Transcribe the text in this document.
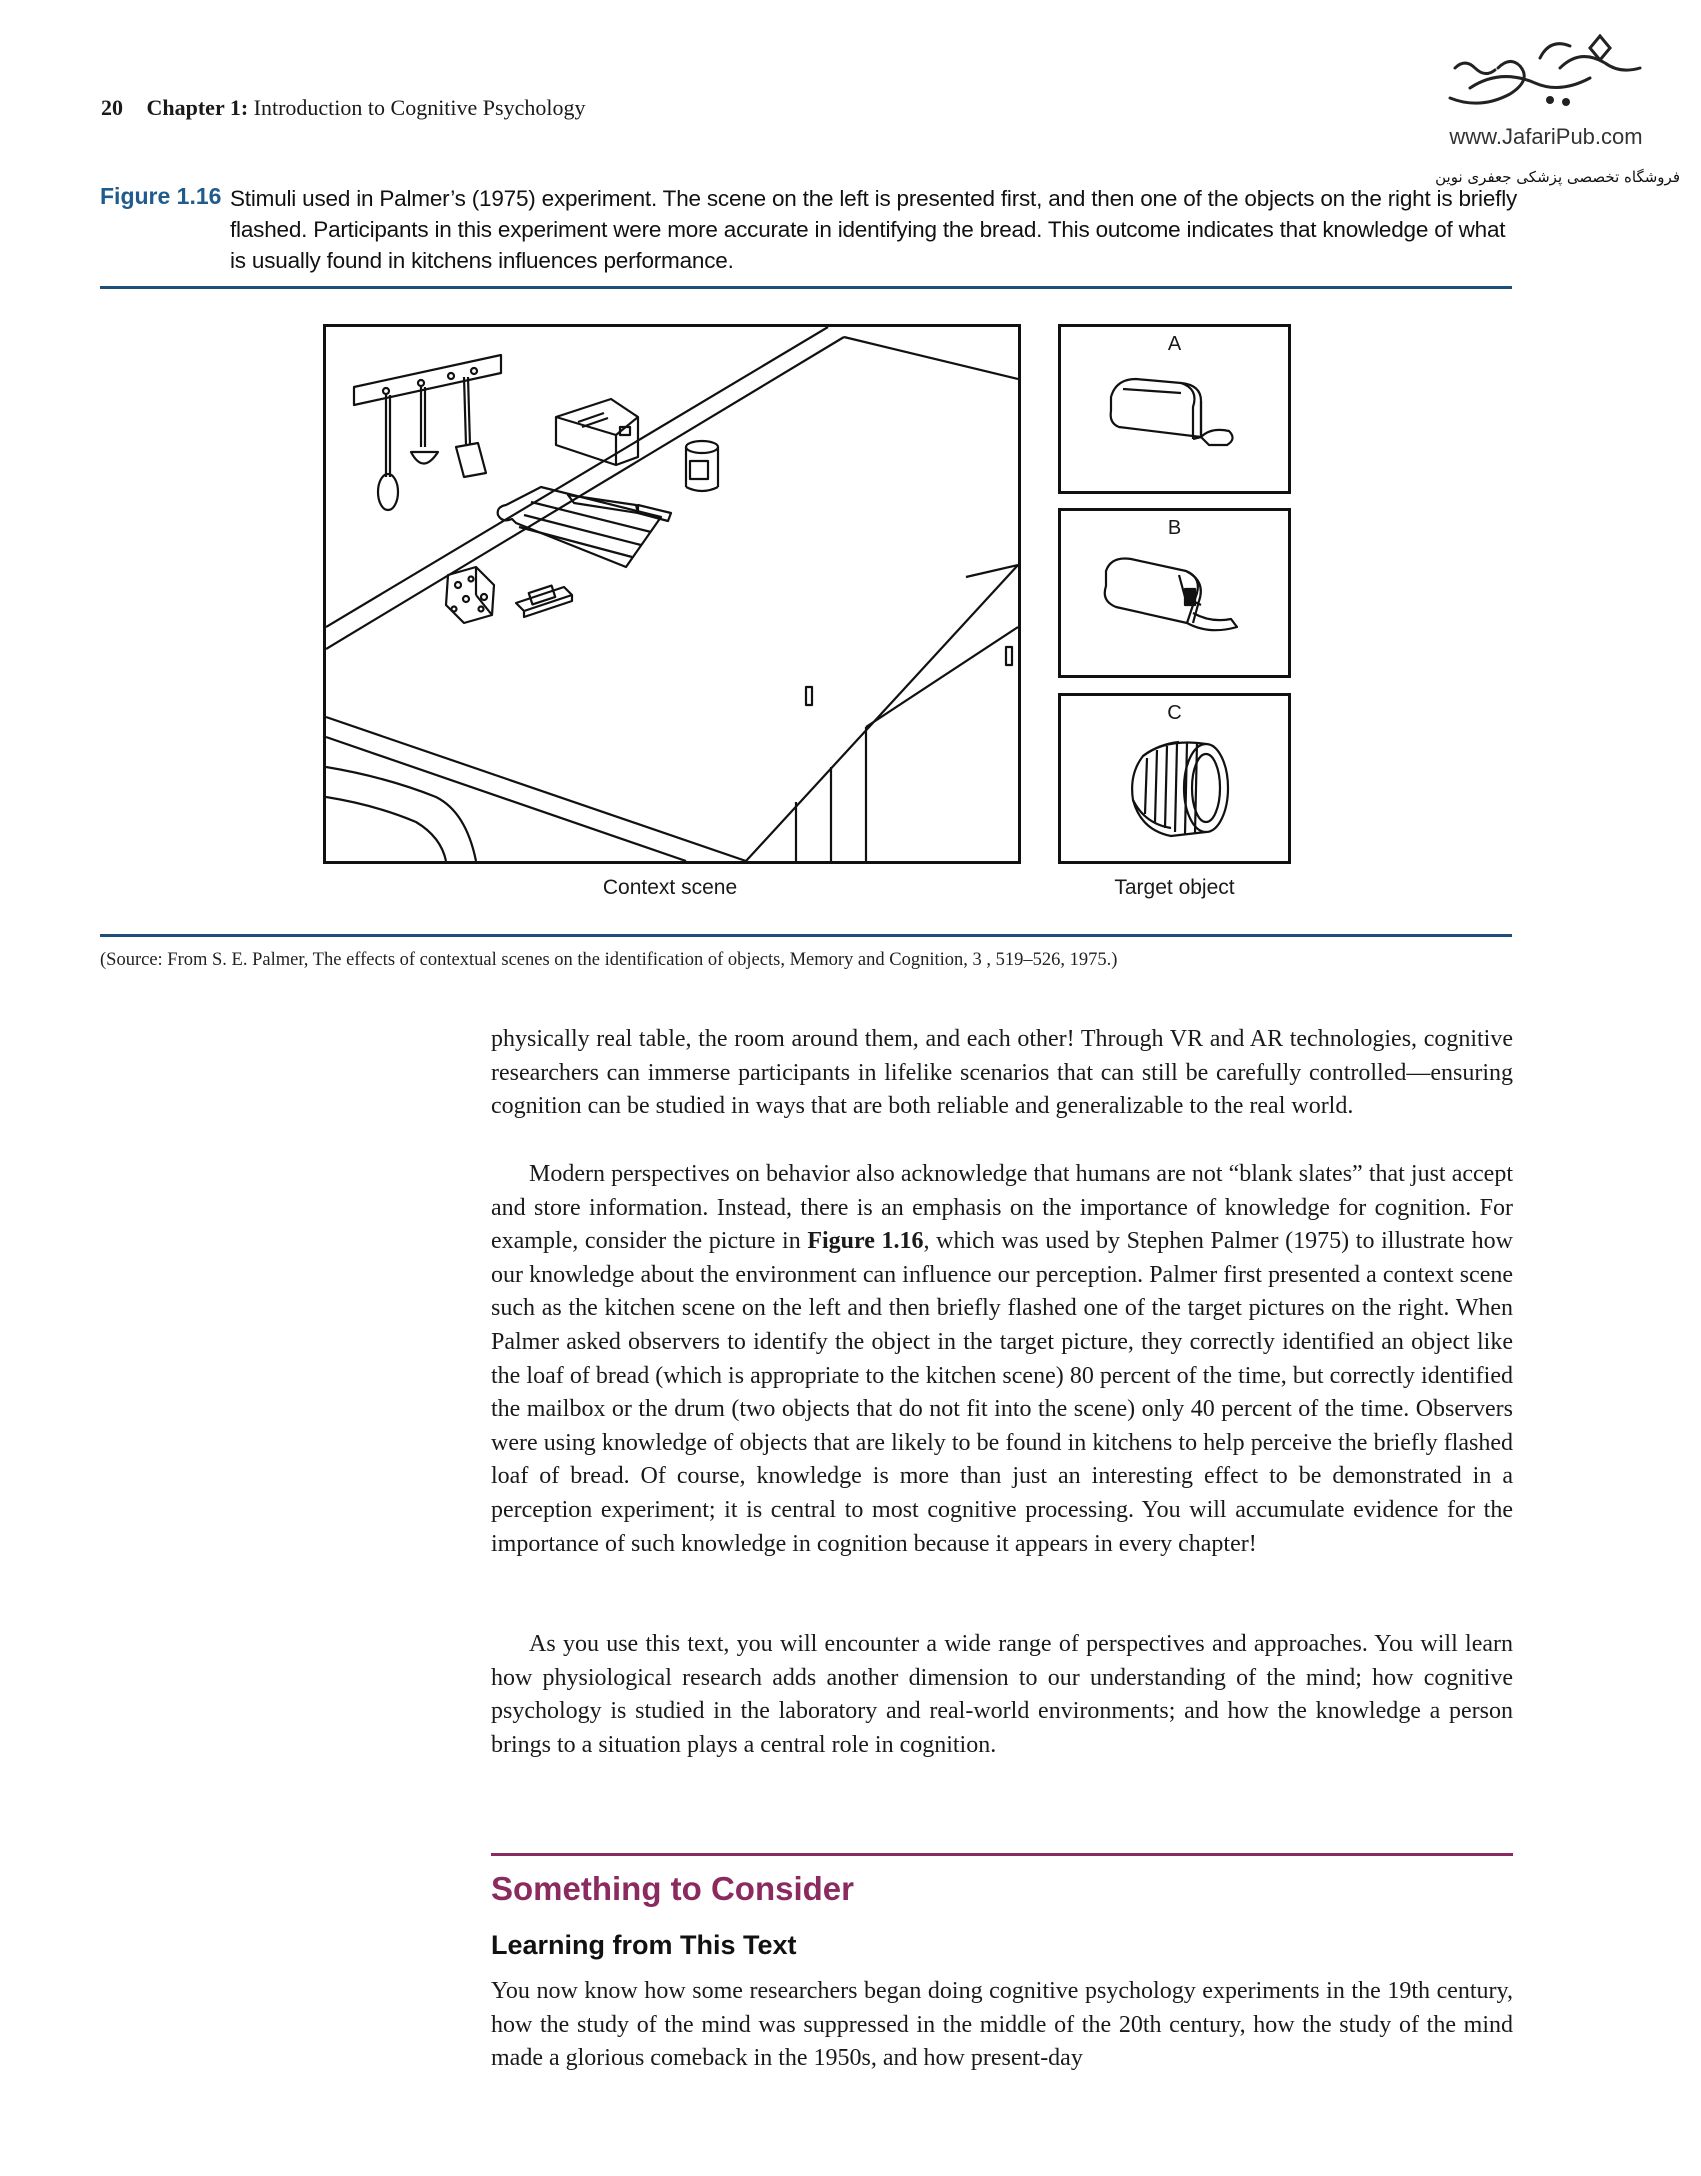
20 Chapter 1: Introduction to Cognitive Psychology
www.JafariPub.com
فروشگاه تخصصی پزشکی جعفری نوین
Figure 1.16 Stimuli used in Palmer’s (1975) experiment. The scene on the left is presented first, and then one of the objects on the right is briefly flashed. Participants in this experiment were more accurate in identifying the bread. This outcome indicates that knowledge of what is usually found in kitchens influences performance.
A
B
C
Context scene	Target object
(Source: From S. E. Palmer, The effects of contextual scenes on the identification of objects, Memory and Cognition, 3 , 519–526, 1975.)

physically real table, the room around them, and each other! Through VR and AR technologies, cognitive researchers can immerse participants in lifelike scenarios that can still be carefully controlled—ensuring cognition can be studied in ways that are both reliable and generalizable to the real world.

Modern perspectives on behavior also acknowledge that humans are not “blank slates” that just accept and store information. Instead, there is an emphasis on the importance of knowledge for cognition. For example, consider the picture in Figure 1.16, which was used by Stephen Palmer (1975) to illustrate how our knowledge about the environment can influence our perception. Palmer first presented a context scene such as the kitchen scene on the left and then briefly flashed one of the target pictures on the right. When Palmer asked observers to identify the object in the target picture, they correctly identified an object like the loaf of bread (which is appropriate to the kitchen scene) 80 percent of the time, but correctly identified the mailbox or the drum (two objects that do not fit into the scene) only 40 percent of the time. Observers were using knowledge of objects that are likely to be found in kitchens to help perceive the briefly flashed loaf of bread. Of course, knowledge is more than just an interesting effect to be demonstrated in a perception experiment; it is central to most cognitive processing. You will accumulate evidence for the importance of such knowledge in cognition because it appears in every chapter!

As you use this text, you will encounter a wide range of perspectives and approaches. You will learn how physiological research adds another dimension to our understanding of the mind; how cognitive psychology is studied in the laboratory and real-world environments; and how the knowledge a person brings to a situation plays a central role in cognition.

Something to Consider
Learning from This Text

You now know how some researchers began doing cognitive psychology experiments in the 19th century, how the study of the mind was suppressed in the middle of the 20th century, how the study of the mind made a glorious comeback in the 1950s, and how present-day
